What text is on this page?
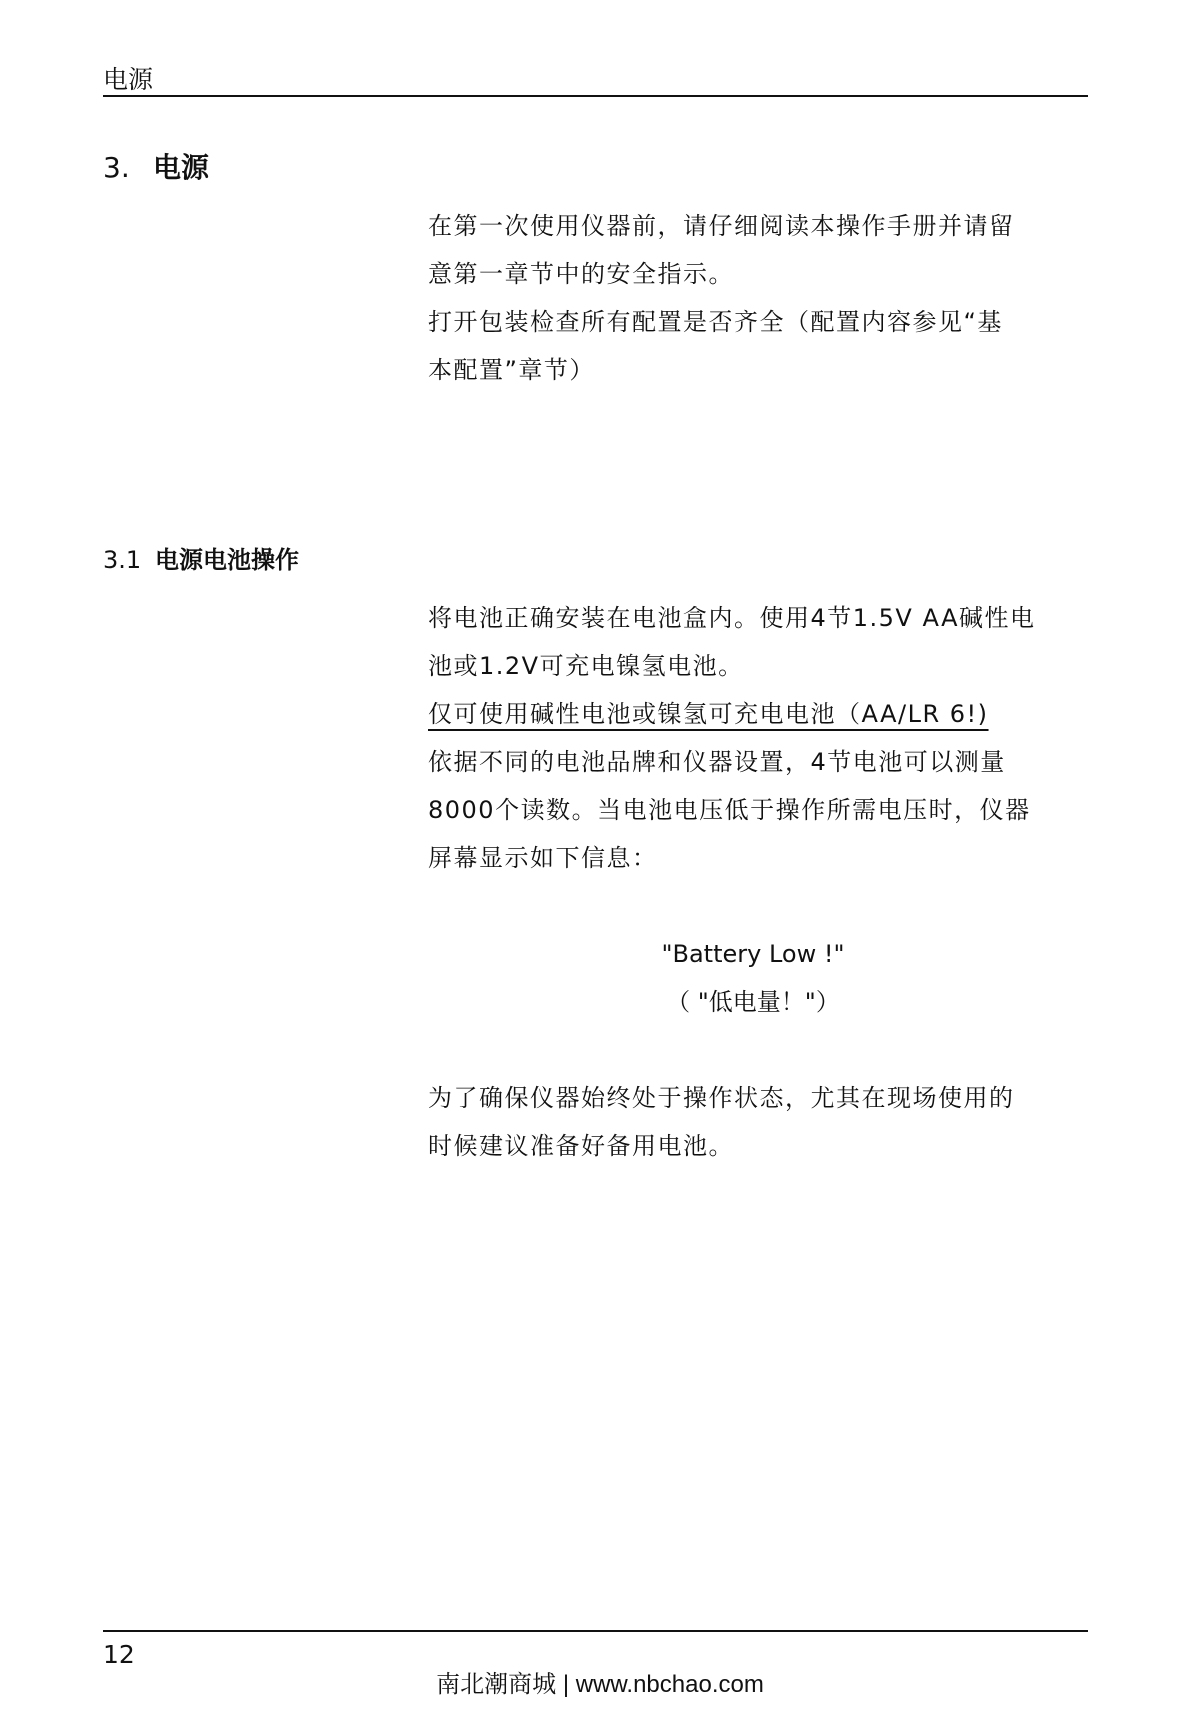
电源
3. 电源
在第一次使用仪器前，请仔细阅读本操作手册并请留
意第一章节中的安全指示。
打开包装检查所有配置是否齐全（配置内容参见“基
本配置”章节）
3.1 电源电池操作
将电池正确安装在电池盒内。使用4节1.5V AA碱性电
池或1.2V可充电镍氢电池。
仅可使用碱性电池或镍氢可充电电池（AA/LR 6!)
依据不同的电池品牌和仪器设置，4节电池可以测量
8000个读数。当电池电压低于操作所需电压时，仪器
屏幕显示如下信息：
"Battery Low !"
（ "低电量！"）
为了确保仪器始终处于操作状态，尤其在现场使用的
时候建议准备好备用电池。
12
南北潮商城 | www.nbchao.com
